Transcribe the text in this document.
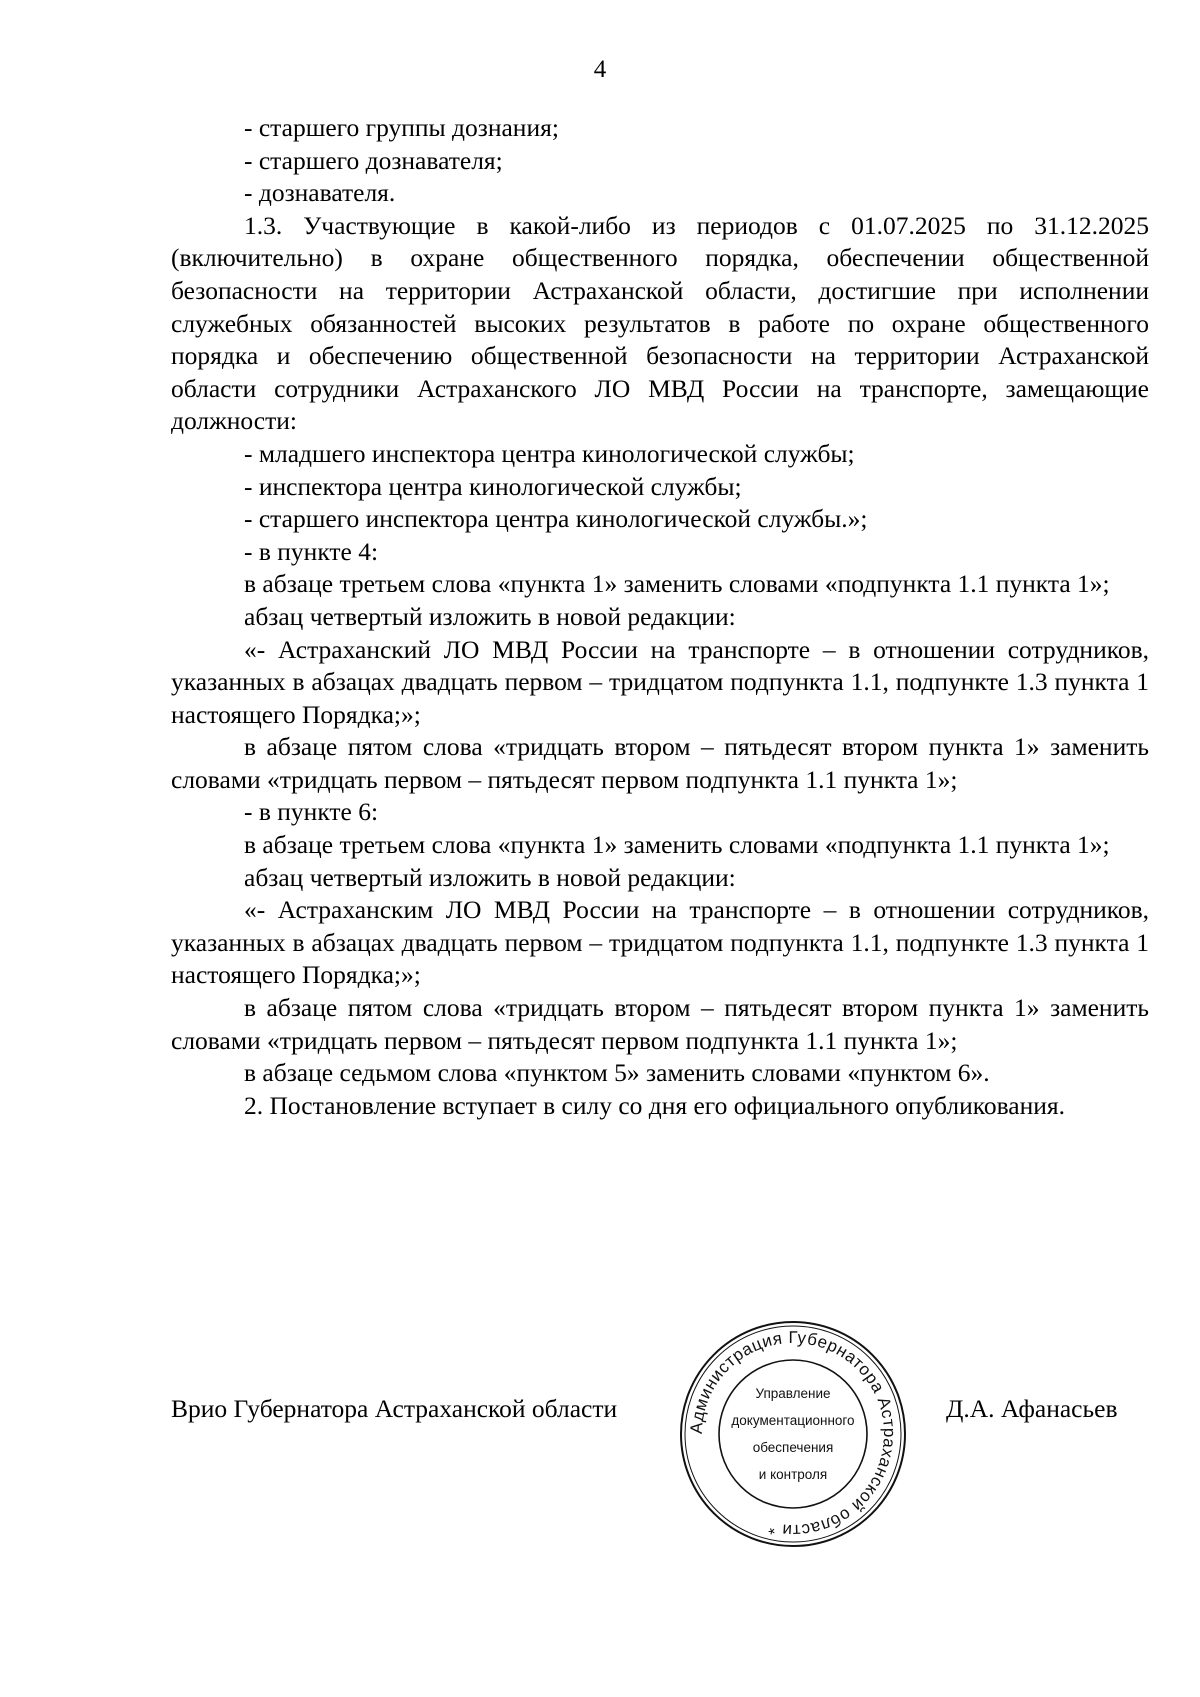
4

- старшего группы дознания;

- старшего дознавателя;

- дознавателя.

1.3. Участвующие в какой-либо из периодов с 01.07.2025 по 31.12.2025 (включительно) в охране общественного порядка, обеспечении общественной безопасности на территории Астраханской области, достигшие при исполнении служебных обязанностей высоких результатов в работе по охране общественного порядка и обеспечению общественной безопасности на территории Астраханской области сотрудники Астраханского ЛО МВД России на транспорте, замещающие должности:

- младшего инспектора центра кинологической службы;

- инспектора центра кинологической службы;

- старшего инспектора центра кинологической службы.»;

- в пункте 4:

в абзаце третьем слова «пункта 1» заменить словами «подпункта 1.1 пункта 1»;

абзац четвертый изложить в новой редакции:

«- Астраханский ЛО МВД России на транспорте – в отношении сотрудников, указанных в абзацах двадцать первом – тридцатом подпункта 1.1, подпункте 1.3 пункта 1 настоящего Порядка;»;

в абзаце пятом слова «тридцать втором – пятьдесят втором пункта 1» заменить словами «тридцать первом – пятьдесят первом подпункта 1.1 пункта 1»;

- в пункте 6:

в абзаце третьем слова «пункта 1» заменить словами «подпункта 1.1 пункта 1»;

абзац четвертый изложить в новой редакции:

«- Астраханским ЛО МВД России на транспорте – в отношении сотрудников, указанных в абзацах двадцать первом – тридцатом подпункта 1.1, подпункте 1.3 пункта 1 настоящего Порядка;»;

в абзаце пятом слова «тридцать втором – пятьдесят втором пункта 1» заменить словами «тридцать первом – пятьдесят первом подпункта 1.1 пункта 1»;

в абзаце седьмом слова «пунктом 5» заменить словами «пунктом 6».

2. Постановление вступает в силу со дня его официального опубликования.

Врио Губернатора Астраханской области	Д.А. Афанасьев
Администрация Губернатора Астраханской области *
Управление
документационного
обеспечения
и контроля
